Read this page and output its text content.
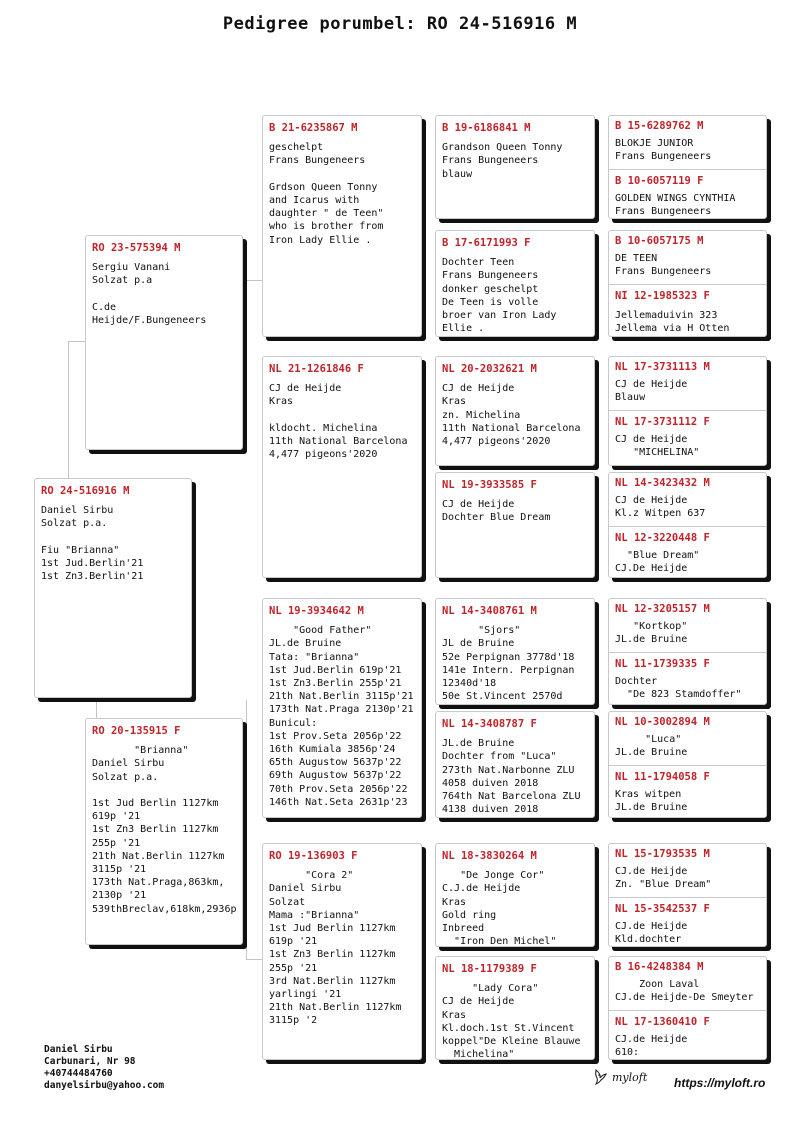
Pedigree porumbel: RO 24-516916 M
RO 24-516916 M
Daniel Sirbu
Solzat p.a.

Fiu "Brianna"
1st Jud.Berlin'21
1st Zn3.Berlin'21
RO 23-575394 M
Sergiu Vanani
Solzat p.a

C.de Heijde/F.Bungeneers
RO 20-135915 F
"Brianna"
Daniel Sirbu
Solzat p.a.

1st Jud Berlin 1127km
619p '21
1st Zn3 Berlin 1127km
255p '21
21th Nat.Berlin 1127km
3115p '21
173th Nat.Praga,863km,
2130p '21
539thBreclav,618km,2936p
B 21-6235867 M
geschelpt
Frans Bungeneers

Grdson Queen Tonny
and Icarus with
daughter " de Teen"
who is brother from
Iron Lady Ellie .
NL 21-1261846 F
CJ de Heijde
Kras

kldocht. Michelina
11th National Barcelona
4,477 pigeons'2020
NL 19-3934642 M
"Good Father"
JL.de Bruine
Tata: "Brianna"
1st Jud.Berlin 619p'21
1st Zn3.Berlin 255p'21
21th Nat.Berlin 3115p'21
173th Nat.Praga 2130p'21
Bunicul:
1st Prov.Seta 2056p'22
16th Kumiala 3856p'24
65th Augustow 5637p'22
69th Augustow 5637p'22
70th Prov.Seta 2056p'22
146th Nat.Seta 2631p'23
RO 19-136903 F
"Cora 2"
Daniel Sirbu
Solzat
Mama :"Brianna"
1st Jud Berlin 1127km
619p '21
1st Zn3 Berlin 1127km
255p '21
3rd Nat.Berlin 1127km
yarlingi '21
21th Nat.Berlin 1127km
3115p '2
B 19-6186841 M
Grandson Queen Tonny
Frans Bungeneers
blauw
B 17-6171993 F
Dochter Teen
Frans Bungeneers
donker geschelpt
De Teen is volle
broer van Iron Lady
Ellie .
NL 20-2032621 M
CJ de Heijde
Kras
zn. Michelina
11th National Barcelona
4,477 pigeons'2020
NL 19-3933585 F
CJ de Heijde
Dochter Blue Dream
NL 14-3408761 M
"Sjors"
JL de Bruine
52e Perpignan 3778d'18
141e Intern. Perpignan
12340d'18
50e St.Vincent 2570d
NL 14-3408787 F
JL.de Bruine
Dochter from "Luca"
273th Nat.Narbonne ZLU
4058 duiven 2018
764th Nat Barcelona ZLU
4138 duiven 2018
NL 18-3830264 M
"De Jonge Cor"
C.J.de Heijde
Kras
Gold ring
Inbreed
"Iron Den Michel"
NL 18-1179389 F
"Lady Cora"
CJ de Heijde
Kras
Kl.doch.1st St.Vincent
koppel"De Kleine Blauwe
Michelina"
B 15-6289762 M
BLOKJE JUNIOR
Frans Bungeneers
B 10-6057119 F
GOLDEN WINGS CYNTHIA
Frans Bungeneers
B 10-6057175 M
DE TEEN
Frans Bungeneers
NI 12-1985323 F
Jellemaduivin 323
Jellema via H Otten
NL 17-3731113 M
CJ de Heijde
Blauw
NL 17-3731112 F
CJ de Heijde
"MICHELINA"
NL 14-3423432 M
CJ de Heijde
Kl.z Witpen 637
NL 12-3220448 F
"Blue Dream"
CJ.De Heijde
NL 12-3205157 M
"Kortkop"
JL.de Bruine
NL 11-1739335 F
Dochter
"De 823 Stamdoffer"
NL 10-3002894 M
"Luca"
JL.de Bruine
NL 11-1794058 F
Kras witpen
JL.de Bruine
NL 15-1793535 M
CJ.de Heijde
Zn. "Blue Dream"
NL 15-3542537 F
CJ.de Heijde
Kld.dochter
B 16-4248384 M
Zoon Laval
CJ.de Heijde-De Smeyter
NL 17-1360410 F
CJ.de Heijde
610:
Daniel Sirbu
Carbunari, Nr 98
+40744484760
danyelsirbu@yahoo.com
myloft https://myloft.ro
